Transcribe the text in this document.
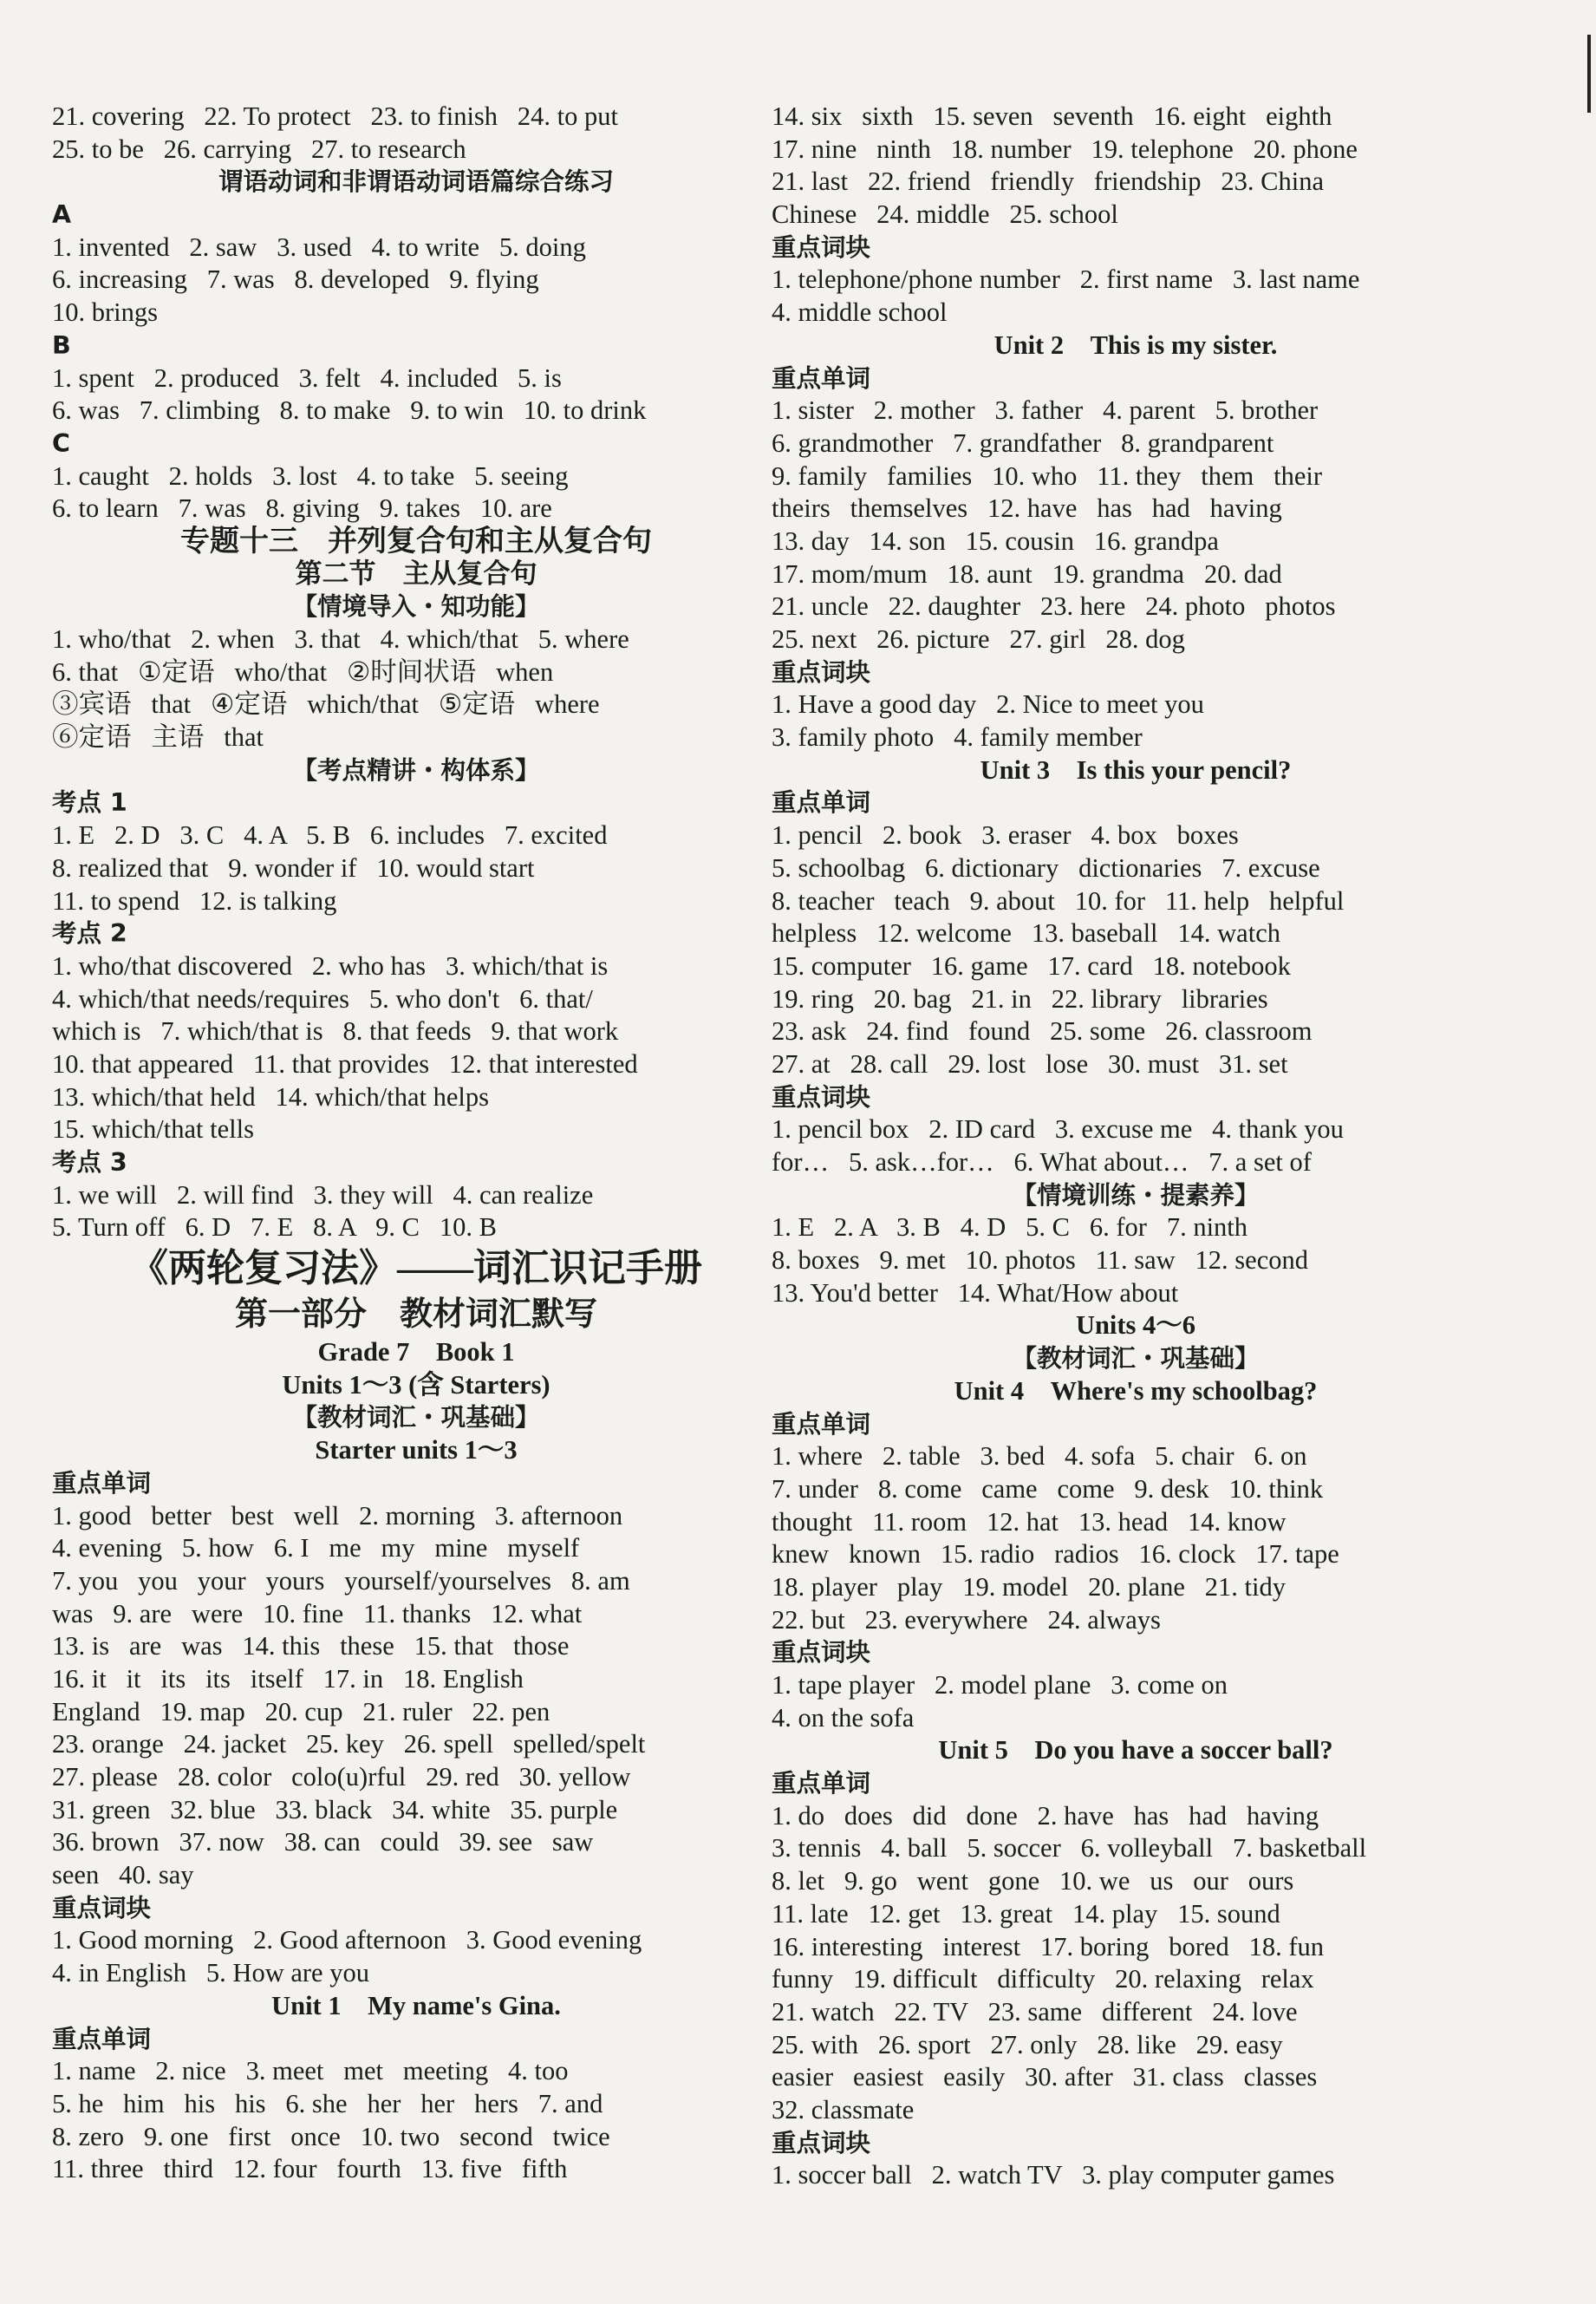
21. covering   22. To protect   23. to finish   24. to put
25. to be   26. carrying   27. to research
谓语动词和非谓语动词语篇综合练习
A
1. invented   2. saw   3. used   4. to write   5. doing
6. increasing   7. was   8. developed   9. flying
10. brings
B
1. spent   2. produced   3. felt   4. included   5. is
6. was   7. climbing   8. to make   9. to win   10. to drink
C
1. caught   2. holds   3. lost   4. to take   5. seeing
6. to learn   7. was   8. giving   9. takes   10. are
专题十三　并列复合句和主从复合句
第二节　主从复合句
【情境导入・知功能】
1. who/that   2. when   3. that   4. which/that   5. where
6. that   ①定语   who/that   ②时间状语   when
③宾语   that   ④定语   which/that   ⑤定语   where
⑥定语   主语   that
【考点精讲・构体系】
考点 1
1. E   2. D   3. C   4. A   5. B   6. includes   7. excited
8. realized that   9. wonder if   10. would start
11. to spend   12. is talking
考点 2
1. who/that discovered   2. who has   3. which/that is
4. which/that needs/requires   5. who don't   6. that/
which is   7. which/that is   8. that feeds   9. that work
10. that appeared   11. that provides   12. that interested
13. which/that held   14. which/that helps
15. which/that tells
考点 3
1. we will   2. will find   3. they will   4. can realize
5. Turn off   6. D   7. E   8. A   9. C   10. B
《两轮复习法》——词汇识记手册
第一部分　教材词汇默写
Grade 7　Book 1
Units 1～3 (含 Starters)
【教材词汇・巩基础】
Starter units 1～3
重点单词
1. good   better   best   well   2. morning   3. afternoon
4. evening   5. how   6. I   me   my   mine   myself
7. you   you   your   yours   yourself/yourselves   8. am
was   9. are   were   10. fine   11. thanks   12. what
13. is   are   was   14. this   these   15. that   those
16. it   it   its   its   itself   17. in   18. English
England   19. map   20. cup   21. ruler   22. pen
23. orange   24. jacket   25. key   26. spell   spelled/spelt
27. please   28. color   colo(u)rful   29. red   30. yellow
31. green   32. blue   33. black   34. white   35. purple
36. brown   37. now   38. can   could   39. see   saw
seen   40. say
重点词块
1. Good morning   2. Good afternoon   3. Good evening
4. in English   5. How are you
Unit 1　My name's Gina.
重点单词
1. name   2. nice   3. meet   met   meeting   4. too
5. he   him   his   his   6. she   her   her   hers   7. and
8. zero   9. one   first   once   10. two   second   twice
11. three   third   12. four   fourth   13. five   fifth
14. six   sixth   15. seven   seventh   16. eight   eighth
17. nine   ninth   18. number   19. telephone   20. phone
21. last   22. friend   friendly   friendship   23. China
Chinese   24. middle   25. school
重点词块
1. telephone/phone number   2. first name   3. last name
4. middle school
Unit 2　This is my sister.
重点单词
1. sister   2. mother   3. father   4. parent   5. brother
6. grandmother   7. grandfather   8. grandparent
9. family   families   10. who   11. they   them   their
theirs   themselves   12. have   has   had   having
13. day   14. son   15. cousin   16. grandpa
17. mom/mum   18. aunt   19. grandma   20. dad
21. uncle   22. daughter   23. here   24. photo   photos
25. next   26. picture   27. girl   28. dog
重点词块
1. Have a good day   2. Nice to meet you
3. family photo   4. family member
Unit 3　Is this your pencil?
重点单词
1. pencil   2. book   3. eraser   4. box   boxes
5. schoolbag   6. dictionary   dictionaries   7. excuse
8. teacher   teach   9. about   10. for   11. help   helpful
helpless   12. welcome   13. baseball   14. watch
15. computer   16. game   17. card   18. notebook
19. ring   20. bag   21. in   22. library   libraries
23. ask   24. find   found   25. some   26. classroom
27. at   28. call   29. lost   lose   30. must   31. set
重点词块
1. pencil box   2. ID card   3. excuse me   4. thank you
for…   5. ask…for…   6. What about…   7. a set of
【情境训练・提素养】
1. E   2. A   3. B   4. D   5. C   6. for   7. ninth
8. boxes   9. met   10. photos   11. saw   12. second
13. You'd better   14. What/How about
Units 4～6
【教材词汇・巩基础】
Unit 4　Where's my schoolbag?
重点单词
1. where   2. table   3. bed   4. sofa   5. chair   6. on
7. under   8. come   came   come   9. desk   10. think
thought   11. room   12. hat   13. head   14. know
knew   known   15. radio   radios   16. clock   17. tape
18. player   play   19. model   20. plane   21. tidy
22. but   23. everywhere   24. always
重点词块
1. tape player   2. model plane   3. come on
4. on the sofa
Unit 5　Do you have a soccer ball?
重点单词
1. do   does   did   done   2. have   has   had   having
3. tennis   4. ball   5. soccer   6. volleyball   7. basketball
8. let   9. go   went   gone   10. we   us   our   ours
11. late   12. get   13. great   14. play   15. sound
16. interesting   interest   17. boring   bored   18. fun
funny   19. difficult   difficulty   20. relaxing   relax
21. watch   22. TV   23. same   different   24. love
25. with   26. sport   27. only   28. like   29. easy
easier   easiest   easily   30. after   31. class   classes
32. classmate
重点词块
1. soccer ball   2. watch TV   3. play computer games
